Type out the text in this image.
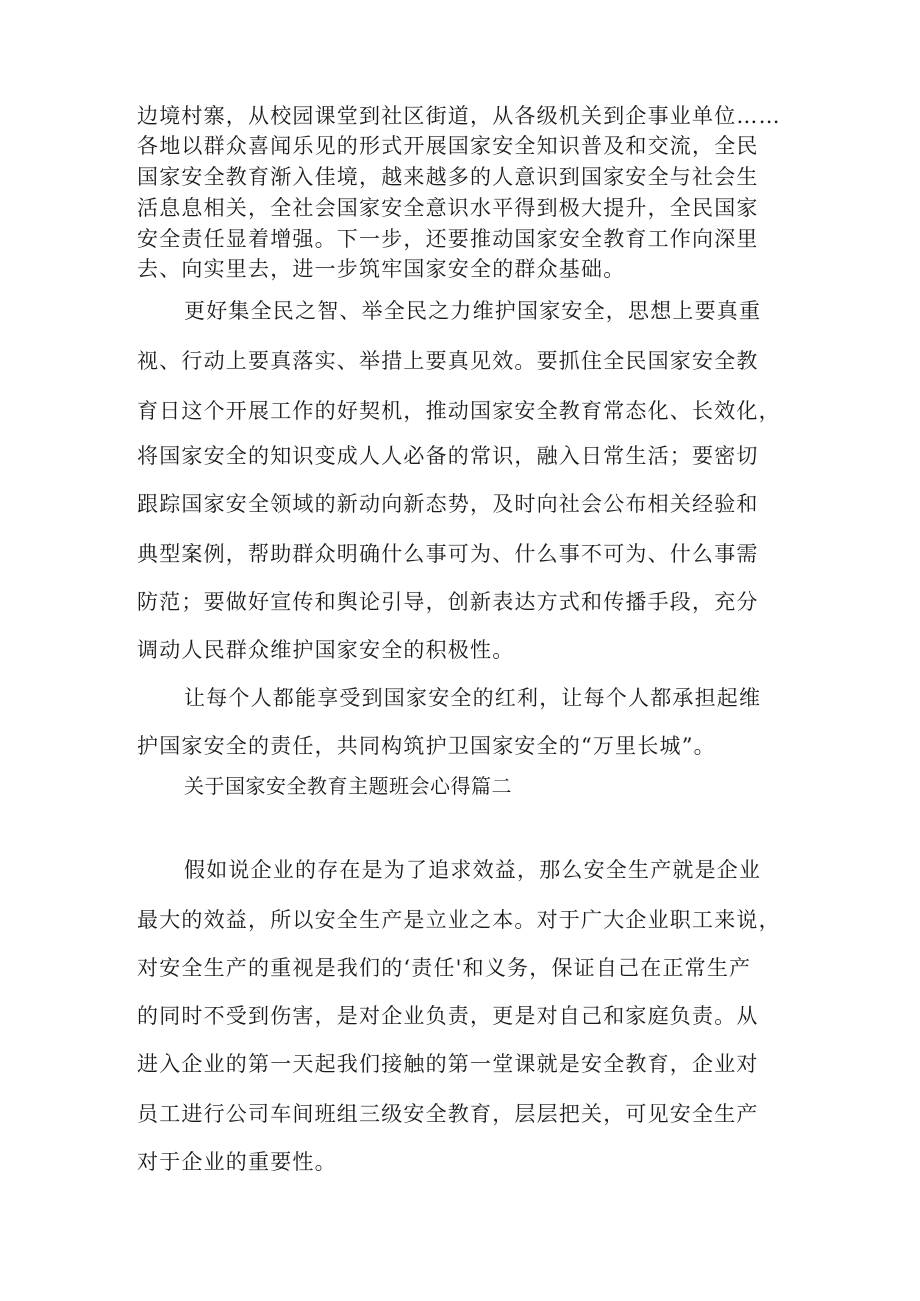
边境村寨，从校园课堂到社区街道，从各级机关到企事业单位……
各地以群众喜闻乐见的形式开展国家安全知识普及和交流，全民
国家安全教育渐入佳境，越来越多的人意识到国家安全与社会生
活息息相关，全社会国家安全意识水平得到极大提升，全民国家
安全责任显着增强。下一步，还要推动国家安全教育工作向深里
去、向实里去，进一步筑牢国家安全的群众基础。
更好集全民之智、举全民之力维护国家安全，思想上要真重
视、行动上要真落实、举措上要真见效。要抓住全民国家安全教
育日这个开展工作的好契机，推动国家安全教育常态化、长效化，
将国家安全的知识变成人人必备的常识，融入日常生活；要密切
跟踪国家安全领域的新动向新态势，及时向社会公布相关经验和
典型案例，帮助群众明确什么事可为、什么事不可为、什么事需
防范；要做好宣传和舆论引导，创新表达方式和传播手段，充分
调动人民群众维护国家安全的积极性。
让每个人都能享受到国家安全的红利，让每个人都承担起维
护国家安全的责任，共同构筑护卫国家安全的“万里长城”。
关于国家安全教育主题班会心得篇二
假如说企业的存在是为了追求效益，那么安全生产就是企业
最大的效益，所以安全生产是立业之本。对于广大企业职工来说，
对安全生产的重视是我们的‘责任'和义务，保证自己在正常生产
的同时不受到伤害，是对企业负责，更是对自己和家庭负责。从
进入企业的第一天起我们接触的第一堂课就是安全教育，企业对
员工进行公司车间班组三级安全教育，层层把关，可见安全生产
对于企业的重要性。
